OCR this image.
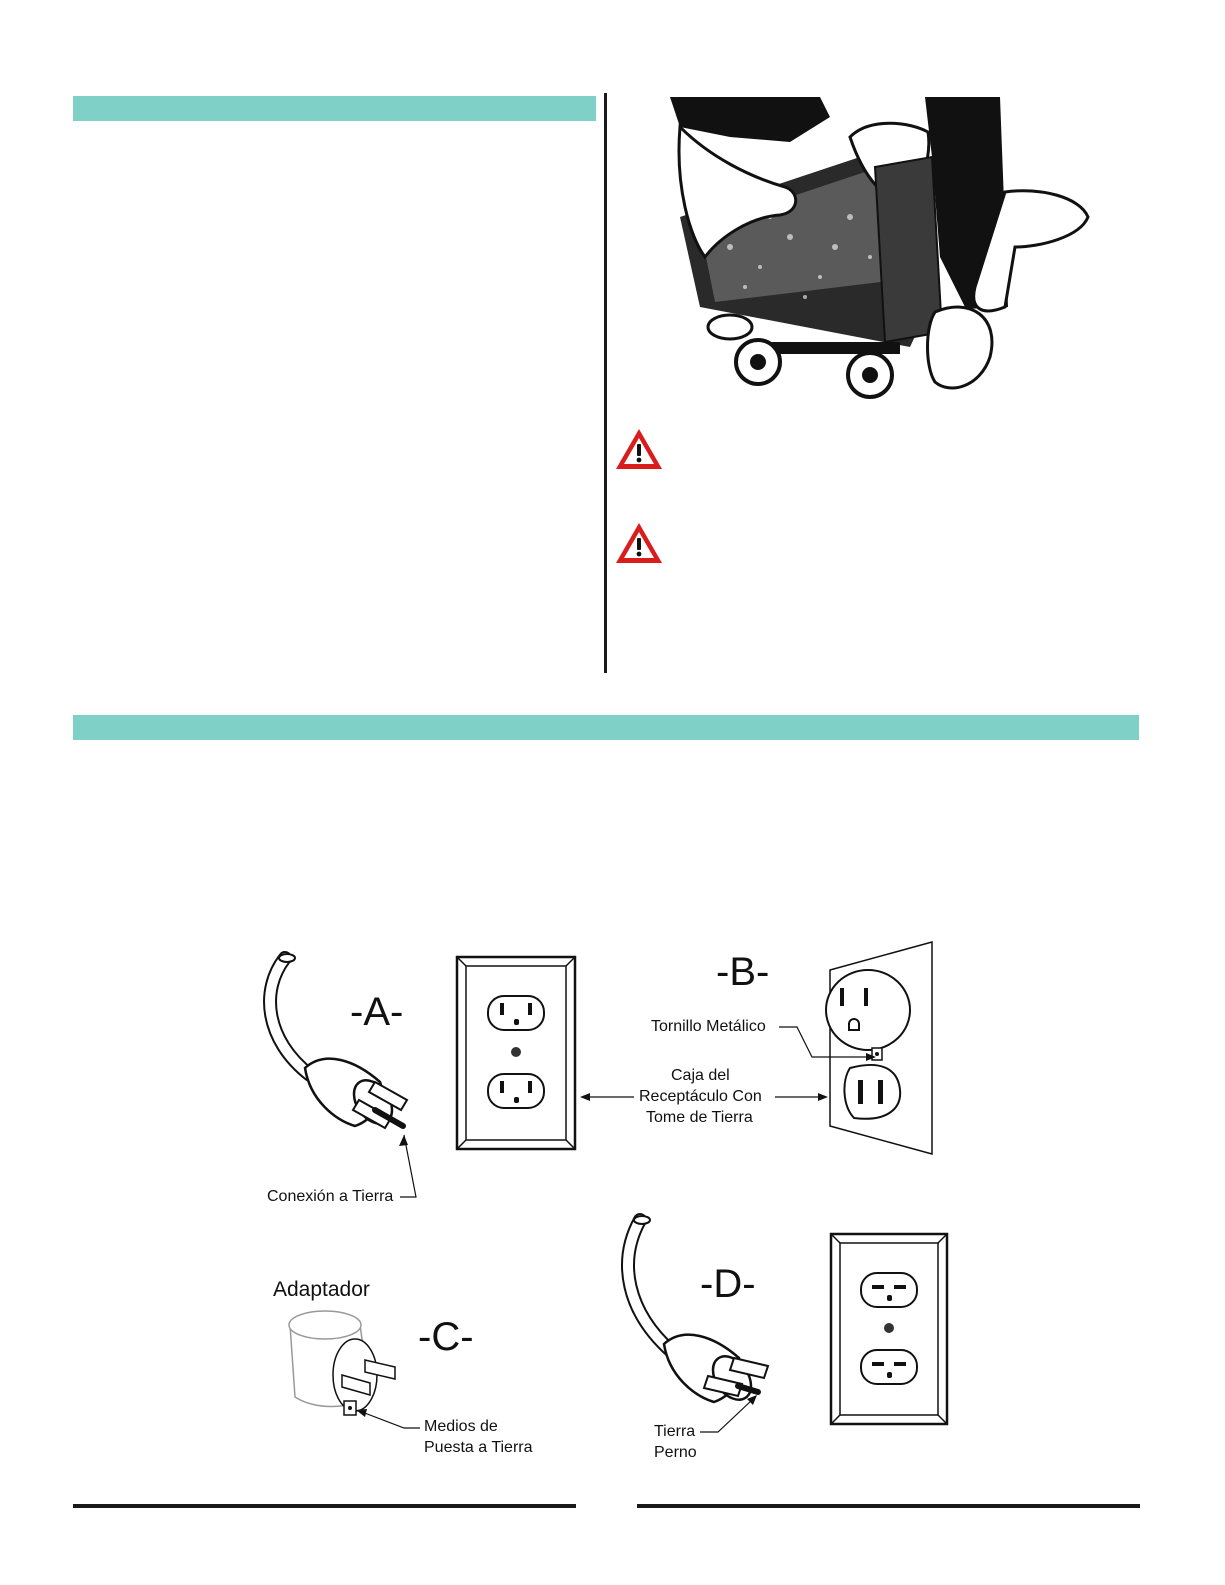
-A-
Conexión a Tierra
-B-
Tornillo Metálico
Caja del
Receptáculo Con
Tome de Tierra
Adaptador
-C-
Medios de
Puesta a Tierra
-D-
Tierra
Perno
